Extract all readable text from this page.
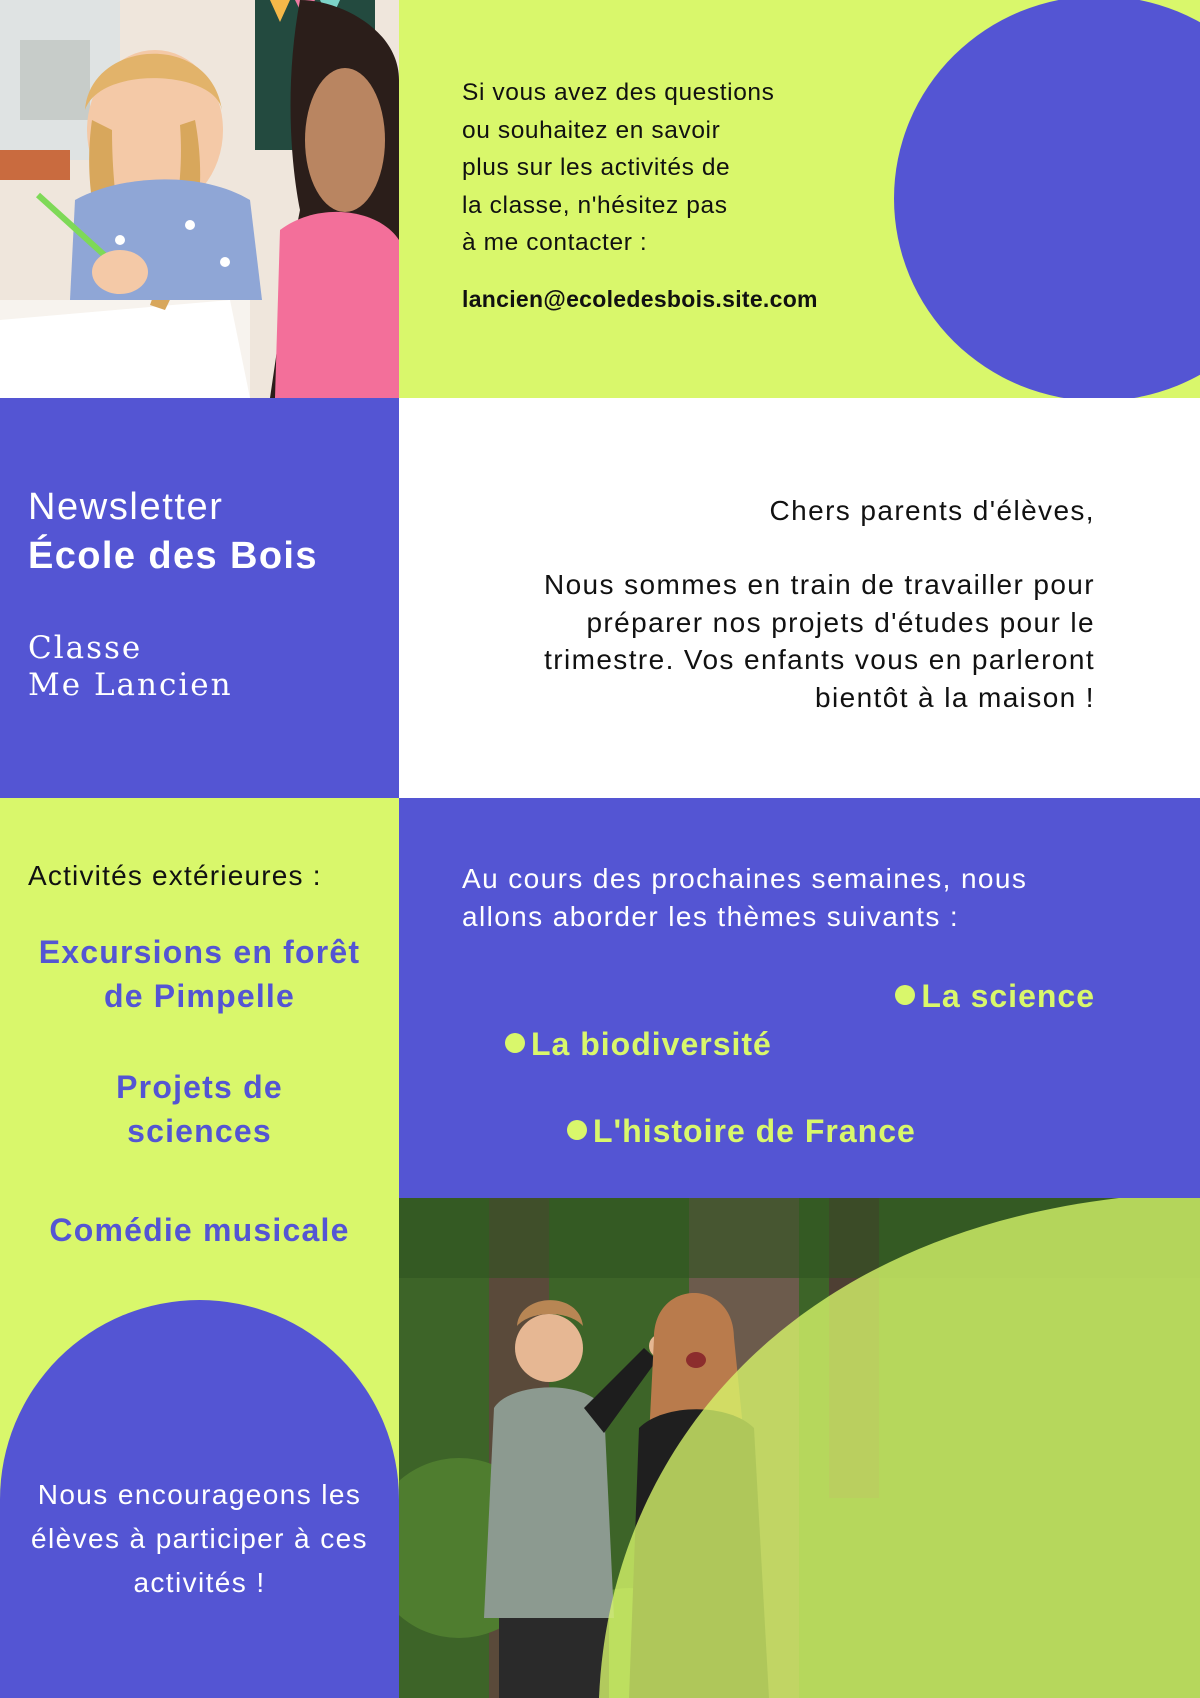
Si vous avez des questions
ou souhaitez en savoir
plus sur les activités de
la classe, n'hésitez pas
à me contacter :
lancien@ecoledesbois.site.com
Newsletter
École des Bois
Classe
Me Lancien
Chers parents d'élèves,
Nous sommes en train de travailler pour préparer nos projets d'études pour le trimestre. Vos enfants vous en parleront bientôt à la maison !
Activités extérieures :
Excursions en forêt de Pimpelle
Projets de sciences
Comédie musicale
Nous encourageons les élèves à participer à ces activités !
Au cours des prochaines semaines, nous allons aborder les thèmes suivants :
La science
La biodiversité
L'histoire de France
